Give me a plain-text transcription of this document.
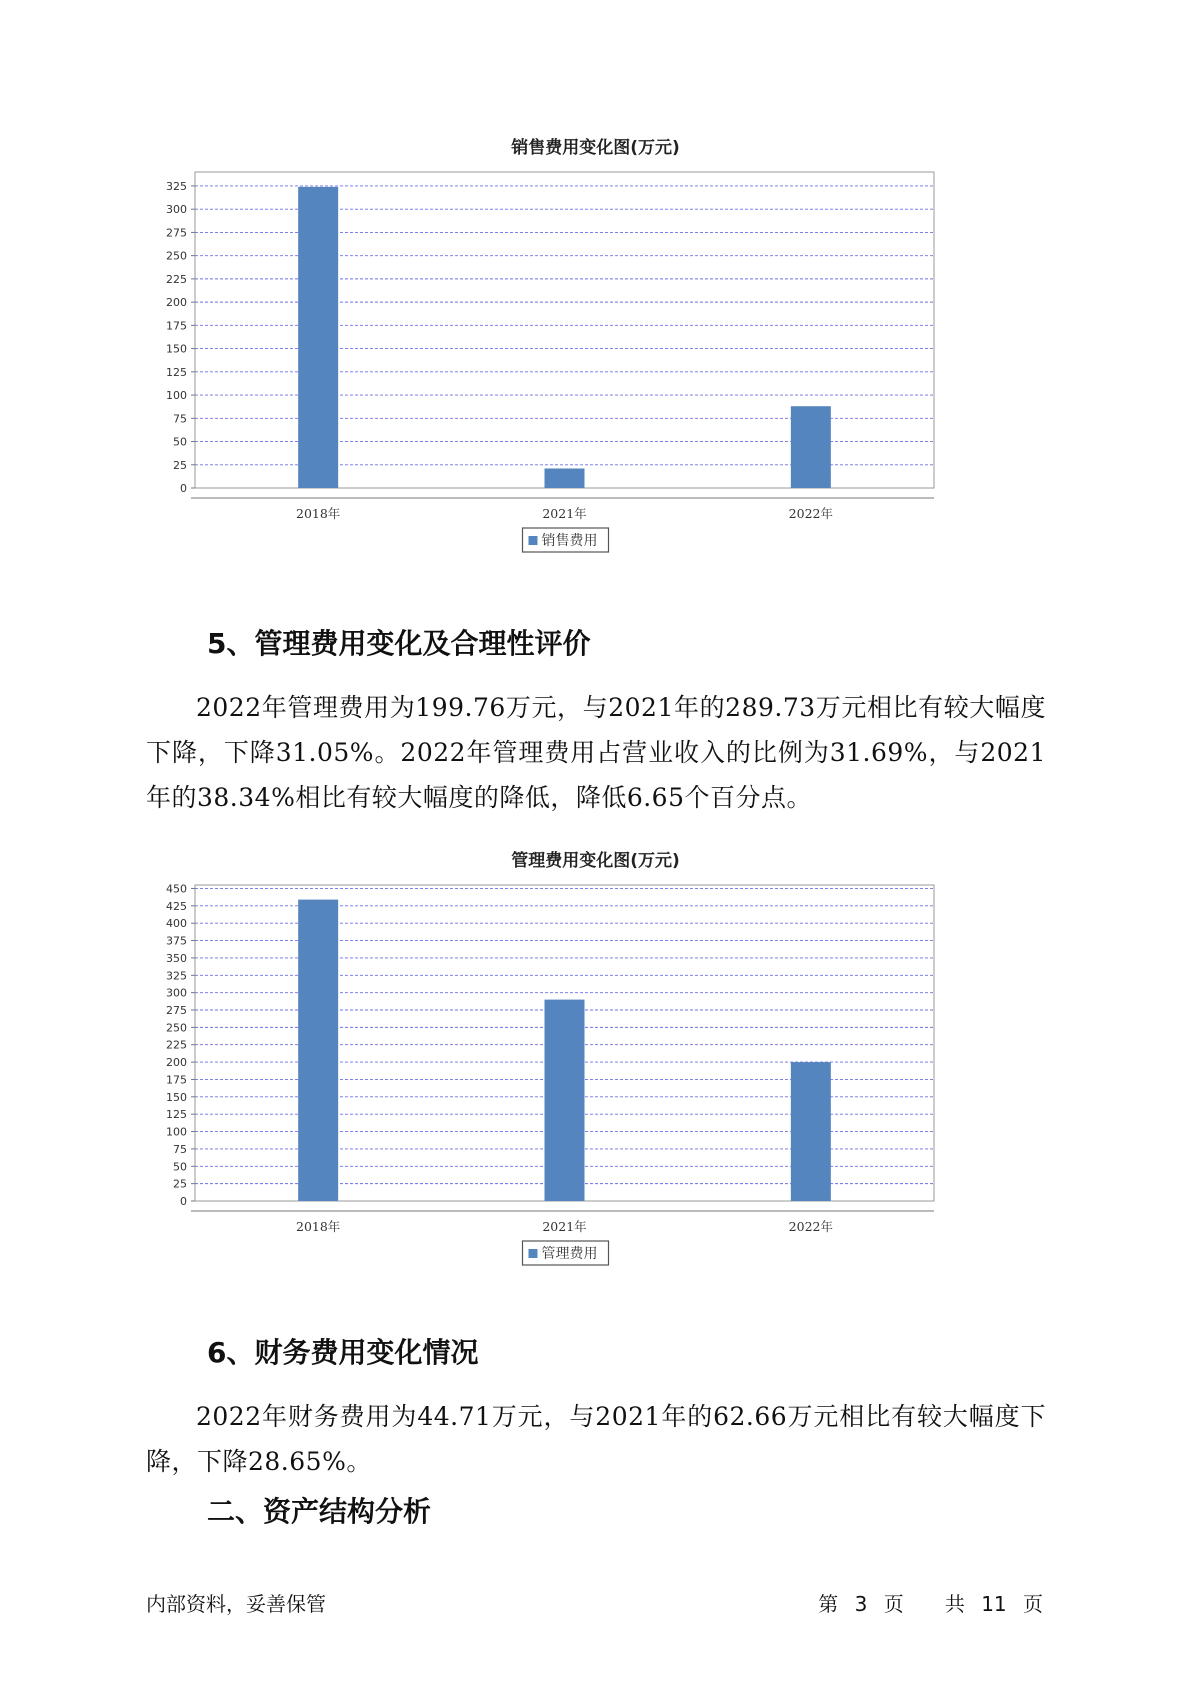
销售费用变化图(万元)
0
25
50
75
100
125
150
175
200
225
250
275
300
325
2018年	2021年	2022年
销售费用
5、管理费用变化及合理性评价

2022年管理费用为199.76万元，与2021年的289.73万元相比有较大幅度下降，下降31.05%。2022年管理费用占营业收入的比例为31.69%，与2021年的38.34%相比有较大幅度的降低，降低6.65个百分点。

管理费用变化图(万元)
0
25
50
75
100
125
150
175
200
225
250
275
300
325
350
375
400
425
450
2018年	2021年	2022年
管理费用
6、财务费用变化情况

2022年财务费用为44.71万元，与2021年的62.66万元相比有较大幅度下降，下降28.65%。

二、资产结构分析
内部资料，妥善保管	第 3 页 共 11 页
